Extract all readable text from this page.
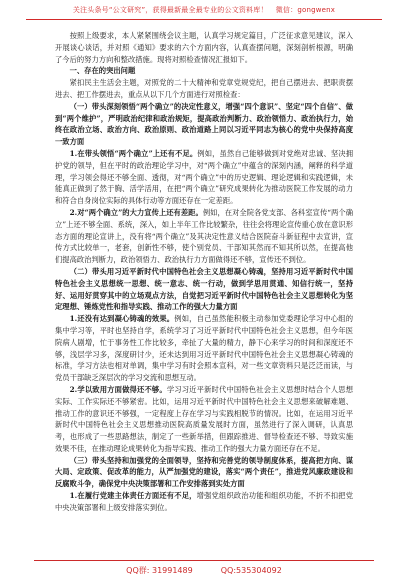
关注头条号“公文研究”，获得最新最全最专业的公文资料库！ 微信：gongwenx

按照上级要求，本人紧紧围绕会议主题，认真学习规定篇目，广泛征求意见建议，深入开展谈心谈话，并对照《通知》要求的六个方面内容，认真查摆问题，深刻剖析根源，明确了今后的努力方向和整改措施。现将对照检查情况汇报如下。

一、存在的突出问题

紧扣民主生活会主题，对照党的二十大精神和党章党规党纪，把自己摆进去、把职责摆进去、把工作摆进去，重点从以下几个方面进行对照检查：

（一）带头深刻领悟“两个确立”的决定性意义，增强“四个意识”、坚定“四个自信”、做到“两个维护”，严明政治纪律和政治规矩，提高政治判断力、政治领悟力、政治执行力，始终在政治立场、政治方向、政治原则、政治道路上同以习近平同志为核心的党中央保持高度一致方面

1.在带头领悟“两个确立”上还有不足。例如，虽然自己能够做到对党绝对忠诚、坚决拥护党的领导，但在平时的政治理论学习中，对“两个确立”中蕴含的深刻内涵，阐释的科学道理，学习领会得还不够全面、透彻，对“两个确立”中的历史逻辑、理论逻辑和实践逻辑，未能真正做到了然于胸、活学活用，在把“两个确立”研究成果转化为推动医院工作发展的动力和符合自身岗位实际的具体行动等方面还存在一定差距。

2.对“两个确立”的大力宣传上还有差距。例如，在对全院各党支部、各科室宣传“两个确立”上还不够全面、系统，深入，如上半年工作比较繁杂，往往会将理论宣传重心放在意识形态方面的理论宣讲上，没有将“两个确立”及其决定性意义结合医院奋斗新征程中去宣讲，宣传方式比较单一，老套，创新性不够，使个别党员、干部知其然而不知其所以然，在提高他们提高政治判断力，政治领悟力、政治执行力方面做得还不够，宣传还不到位。

（二）带头用习近平新时代中国特色社会主义思想凝心铸魂，坚持用习近平新时代中国特色社会主义思想统一思想、统一意志、统一行动，做到学思用贯通、知信行统一，坚持好、运用好贯穿其中的立场观点方法，自觉把习近平新时代中国特色社会主义思想转化为坚定理想、锤炼党性和指导实践、推动工作的强大力量方面

1.还没有达到凝心铸魂的效果。例如，自己虽然能积极主动参加党委理论学习中心组的集中学习等，平时也坚持自学，系统学习了习近平新时代中国特色社会主义思想，但今年医院病人剧增，忙于事务性工作比较多，牵扯了大量的精力，静下心来学习的时间和深度还不够，浅层学习多，深度研讨少，还未达到用习近平新时代中国特色社会主义思想凝心铸魂的标准，学习方法也相对单调，集中学习有时会照本宣科，对一些文章资料只是泛泛而读，与党员干部缺乏深层次的学习交流和思想互动。

2.学以致用方面做得还不够。学习习近平新时代中国特色社会主义思想时结合个人思想实际、工作实际还不够紧密。比如，运用习近平新时代中国特色社会主义思想来破解难题、推动工作的意识还不够强，一定程度上存在学习与实践相脱节的情况。比如，在运用习近平新时代中国特色社会主义思想推动医院高质量发展时方面，虽然进行了深入调研，认真思考，也形成了一些思路想法，制定了一些新举措，但跟踪推进、督导检查还不够、导致实施效果不佳，在推动理论成果转化为指导实践、推动工作的强大力量方面还存在不足。

（三）带头坚持和加强党的全面领导，坚持和完善党的领导制度体系，提高把方向、谋大局、定政策、促改革的能力，从严加强党的建设，落实“两个责任”，推进党风廉政建设和反腐败斗争，确保党中央决策部署和工作安排落到实处方面

1.在履行党建主体责任方面还有不足，增强党组织政治功能和组织功能，不折不扣把党中央决策部署和上级安排落实到位。

QQ群: 31991489	QQ:535304092
